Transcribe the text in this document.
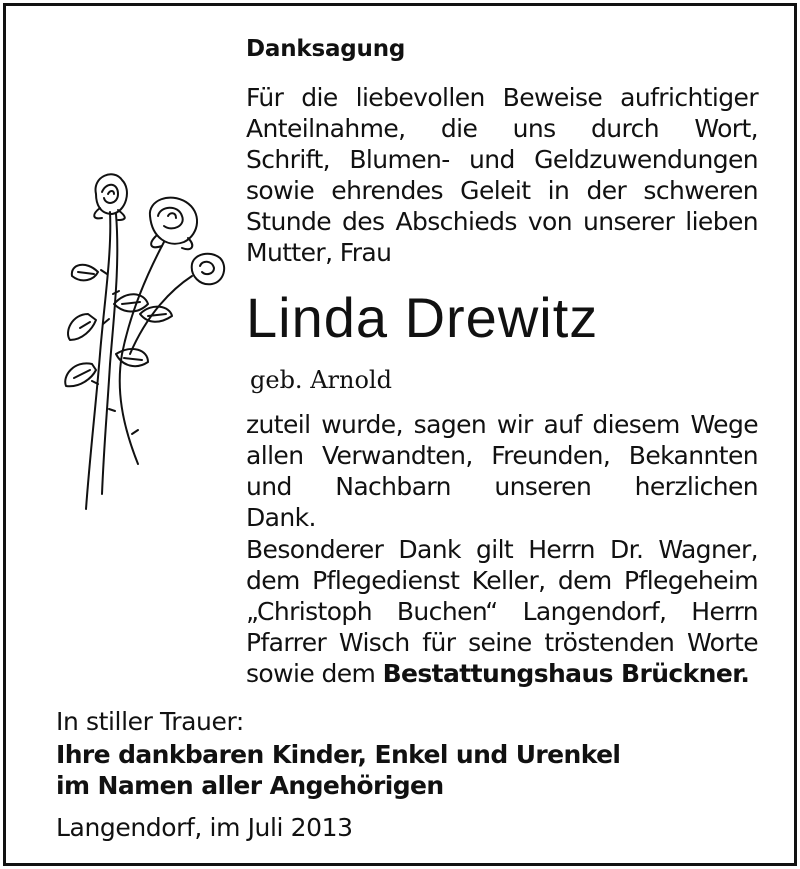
Danksagung
Für die liebevollen Beweise aufrichtiger
Anteilnahme, die uns durch Wort,
Schrift, Blumen- und Geldzuwendungen
sowie ehrendes Geleit in der schweren
Stunde des Abschieds von unserer lieben
Mutter, Frau
Linda Drewitz
geb. Arnold
zuteil wurde, sagen wir auf diesem Wege
allen Verwandten, Freunden, Bekannten
und Nachbarn unseren herzlichen
Dank.
Besonderer Dank gilt Herrn Dr. Wagner,
dem Pflegedienst Keller, dem Pflegeheim
„Christoph Buchen“ Langendorf, Herrn
Pfarrer Wisch für seine tröstenden Worte
sowie dem Bestattungshaus Brückner.
In stiller Trauer:
Ihre dankbaren Kinder, Enkel und Urenkel
im Namen aller Angehörigen
Langendorf, im Juli 2013
